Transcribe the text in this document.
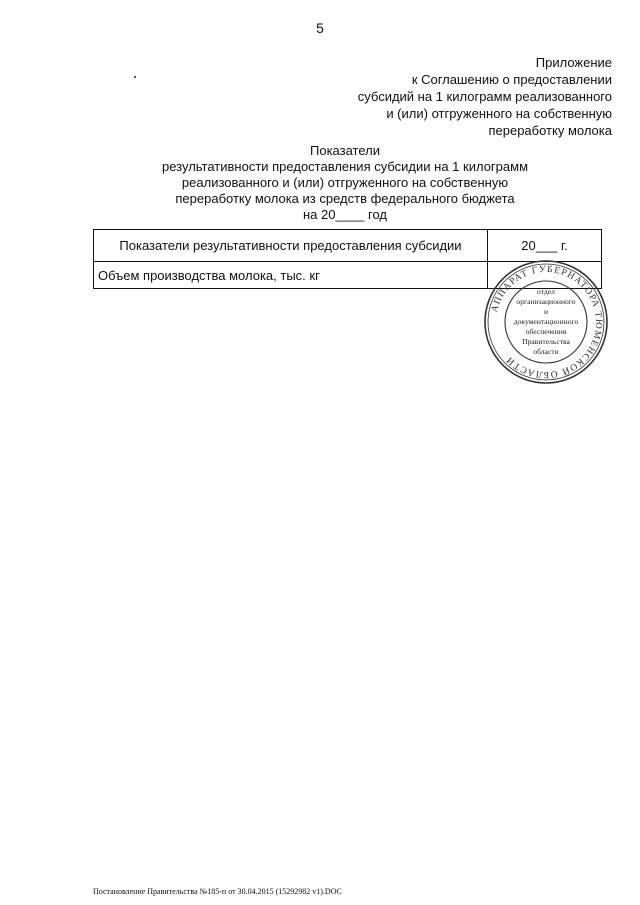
5
Приложение
к Соглашению о предоставлении
субсидий на 1 килограмм реализованного
и (или) отгруженного на собственную
переработку молока
Показатели
результативности предоставления субсидии на 1 килограмм
реализованного и (или) отгруженного на собственную
переработку молока из средств федерального бюджета
на 20____ год
Показатели результативности предоставления субсидии	20___ г.
Объем производства молока, тыс. кг	
АППАРАТ ГУБЕРНАТОРА ТЮМЕНСКОЙ ОБЛАСТИ
отдел
организационного
и
документационного
обеспечения
Правительства
области
Постановление Правительства №185-п от 30.04.2015 (15292982 v1).DOC
